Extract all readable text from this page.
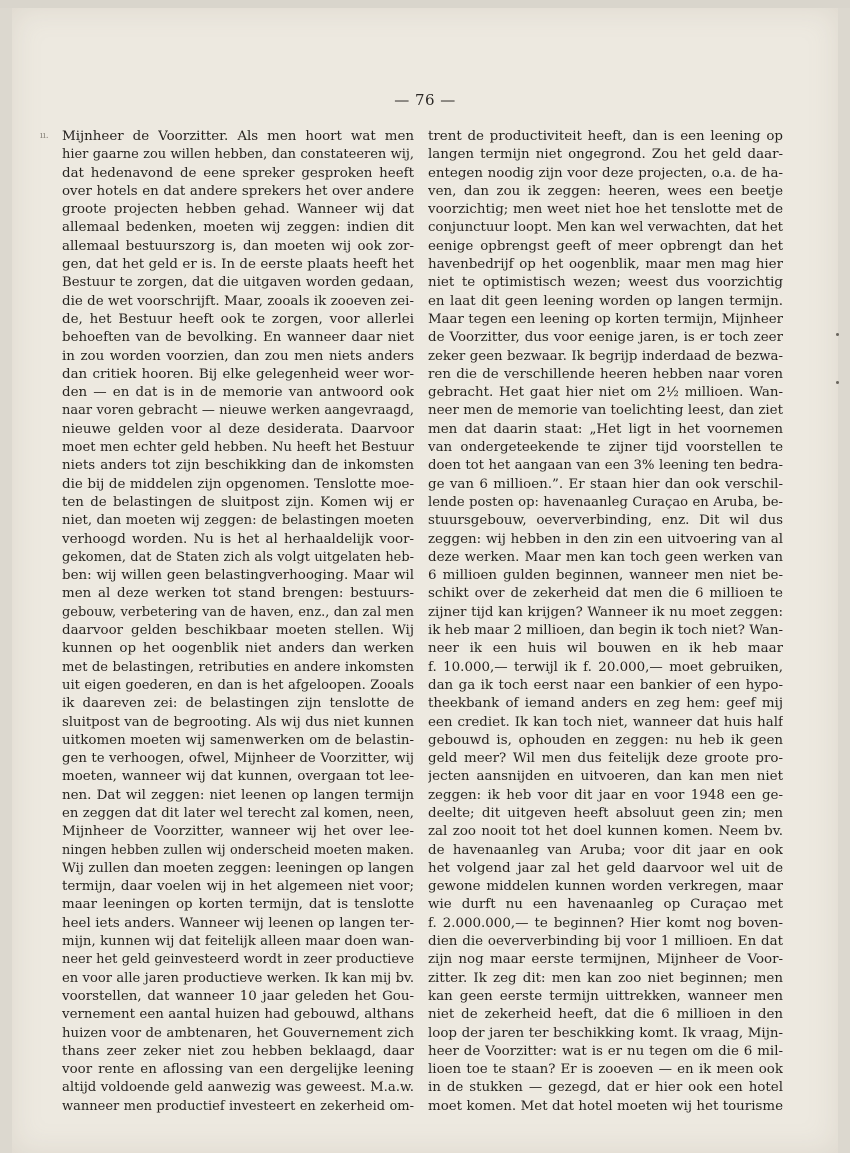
— 76 —
ıı. Mijnheer de Voorzitter. Als men hoort wat men
hier gaarne zou willen hebben, dan constateeren wij,
dat hedenavond de eene spreker gesproken heeft
over hotels en dat andere sprekers het over andere
groote projecten hebben gehad. Wanneer wij dat
allemaal bedenken, moeten wij zeggen: indien dit
allemaal bestuurszorg is, dan moeten wij ook zor-
gen, dat het geld er is. In de eerste plaats heeft het
Bestuur te zorgen, dat die uitgaven worden gedaan,
die de wet voorschrijft. Maar, zooals ik zooeven zei-
de, het Bestuur heeft ook te zorgen, voor allerlei
behoeften van de bevolking. En wanneer daar niet
in zou worden voorzien, dan zou men niets anders
dan critiek hooren. Bij elke gelegenheid weer wor-
den — en dat is in de memorie van antwoord ook
naar voren gebracht — nieuwe werken aangevraagd,
nieuwe gelden voor al deze desiderata. Daarvoor
moet men echter geld hebben. Nu heeft het Bestuur
niets anders tot zijn beschikking dan de inkomsten
die bij de middelen zijn opgenomen. Tenslotte moe-
ten de belastingen de sluitpost zijn. Komen wij er
niet, dan moeten wij zeggen: de belastingen moeten
verhoogd worden. Nu is het al herhaaldelijk voor-
gekomen, dat de Staten zich als volgt uitgelaten heb-
ben: wij willen geen belastingverhooging. Maar wil
men al deze werken tot stand brengen: bestuurs-
gebouw, verbetering van de haven, enz., dan zal men
daarvoor gelden beschikbaar moeten stellen. Wij
kunnen op het oogenblik niet anders dan werken
met de belastingen, retributies en andere inkomsten
uit eigen goederen, en dan is het afgeloopen. Zooals
ik daareven zei: de belastingen zijn tenslotte de
sluitpost van de begrooting. Als wij dus niet kunnen
uitkomen moeten wij samenwerken om de belastin-
gen te verhoogen, ofwel, Mijnheer de Voorzitter, wij
moeten, wanneer wij dat kunnen, overgaan tot lee-
nen. Dat wil zeggen: niet leenen op langen termijn
en zeggen dat dit later wel terecht zal komen, neen,
Mijnheer de Voorzitter, wanneer wij het over lee-
ningen hebben zullen wij onderscheid moeten maken.
Wij zullen dan moeten zeggen: leeningen op langen
termijn, daar voelen wij in het algemeen niet voor;
maar leeningen op korten termijn, dat is tenslotte
heel iets anders. Wanneer wij leenen op langen ter-
mijn, kunnen wij dat feitelijk alleen maar doen wan-
neer het geld geinvesteerd wordt in zeer productieve
en voor alle jaren productieve werken. Ik kan mij bv.
voorstellen, dat wanneer 10 jaar geleden het Gou-
vernement een aantal huizen had gebouwd, althans
huizen voor de ambtenaren, het Gouvernement zich
thans zeer zeker niet zou hebben beklaagd, daar
voor rente en aflossing van een dergelijke leening
altijd voldoende geld aanwezig was geweest. M.a.w.
wanneer men productief investeert en zekerheid om-
trent de productiviteit heeft, dan is een leening op
langen termijn niet ongegrond. Zou het geld daar-
entegen noodig zijn voor deze projecten, o.a. de ha-
ven, dan zou ik zeggen: heeren, wees een beetje
voorzichtig; men weet niet hoe het tenslotte met de
conjunctuur loopt. Men kan wel verwachten, dat het
eenige opbrengst geeft of meer opbrengt dan het
havenbedrijf op het oogenblik, maar men mag hier
niet te optimistisch wezen; weest dus voorzichtig
en laat dit geen leening worden op langen termijn.
Maar tegen een leening op korten termijn, Mijnheer
de Voorzitter, dus voor eenige jaren, is er toch zeer
zeker geen bezwaar. Ik begrijp inderdaad de bezwa-
ren die de verschillende heeren hebben naar voren
gebracht. Het gaat hier niet om 2½ millioen. Wan-
neer men de memorie van toelichting leest, dan ziet
men dat daarin staat: „Het ligt in het voornemen
van ondergeteekende te zijner tijd voorstellen te
doen tot het aangaan van een 3% leening ten bedra-
ge van 6 millioen.”. Er staan hier dan ook verschil-
lende posten op: havenaanleg Curaçao en Aruba, be-
stuursgebouw, oeververbinding, enz. Dit wil dus
zeggen: wij hebben in den zin een uitvoering van al
deze werken. Maar men kan toch geen werken van
6 millioen gulden beginnen, wanneer men niet be-
schikt over de zekerheid dat men die 6 millioen te
zijner tijd kan krijgen? Wanneer ik nu moet zeggen:
ik heb maar 2 millioen, dan begin ik toch niet? Wan-
neer ik een huis wil bouwen en ik heb maar
f. 10.000,— terwijl ik f. 20.000,— moet gebruiken,
dan ga ik toch eerst naar een bankier of een hypo-
theekbank of iemand anders en zeg hem: geef mij
een crediet. Ik kan toch niet, wanneer dat huis half
gebouwd is, ophouden en zeggen: nu heb ik geen
geld meer? Wil men dus feitelijk deze groote pro-
jecten aansnijden en uitvoeren, dan kan men niet
zeggen: ik heb voor dit jaar en voor 1948 een ge-
deelte; dit uitgeven heeft absoluut geen zin; men
zal zoo nooit tot het doel kunnen komen. Neem bv.
de havenaanleg van Aruba; voor dit jaar en ook
het volgend jaar zal het geld daarvoor wel uit de
gewone middelen kunnen worden verkregen, maar
wie durft nu een havenaanleg op Curaçao met
f. 2.000.000,— te beginnen? Hier komt nog boven-
dien die oeververbinding bij voor 1 millioen. En dat
zijn nog maar eerste termijnen, Mijnheer de Voor-
zitter. Ik zeg dit: men kan zoo niet beginnen; men
kan geen eerste termijn uittrekken, wanneer men
niet de zekerheid heeft, dat die 6 millioen in den
loop der jaren ter beschikking komt. Ik vraag, Mijn-
heer de Voorzitter: wat is er nu tegen om die 6 mil-
lioen toe te staan? Er is zooeven — en ik meen ook
in de stukken — gezegd, dat er hier ook een hotel
moet komen. Met dat hotel moeten wij het tourisme
